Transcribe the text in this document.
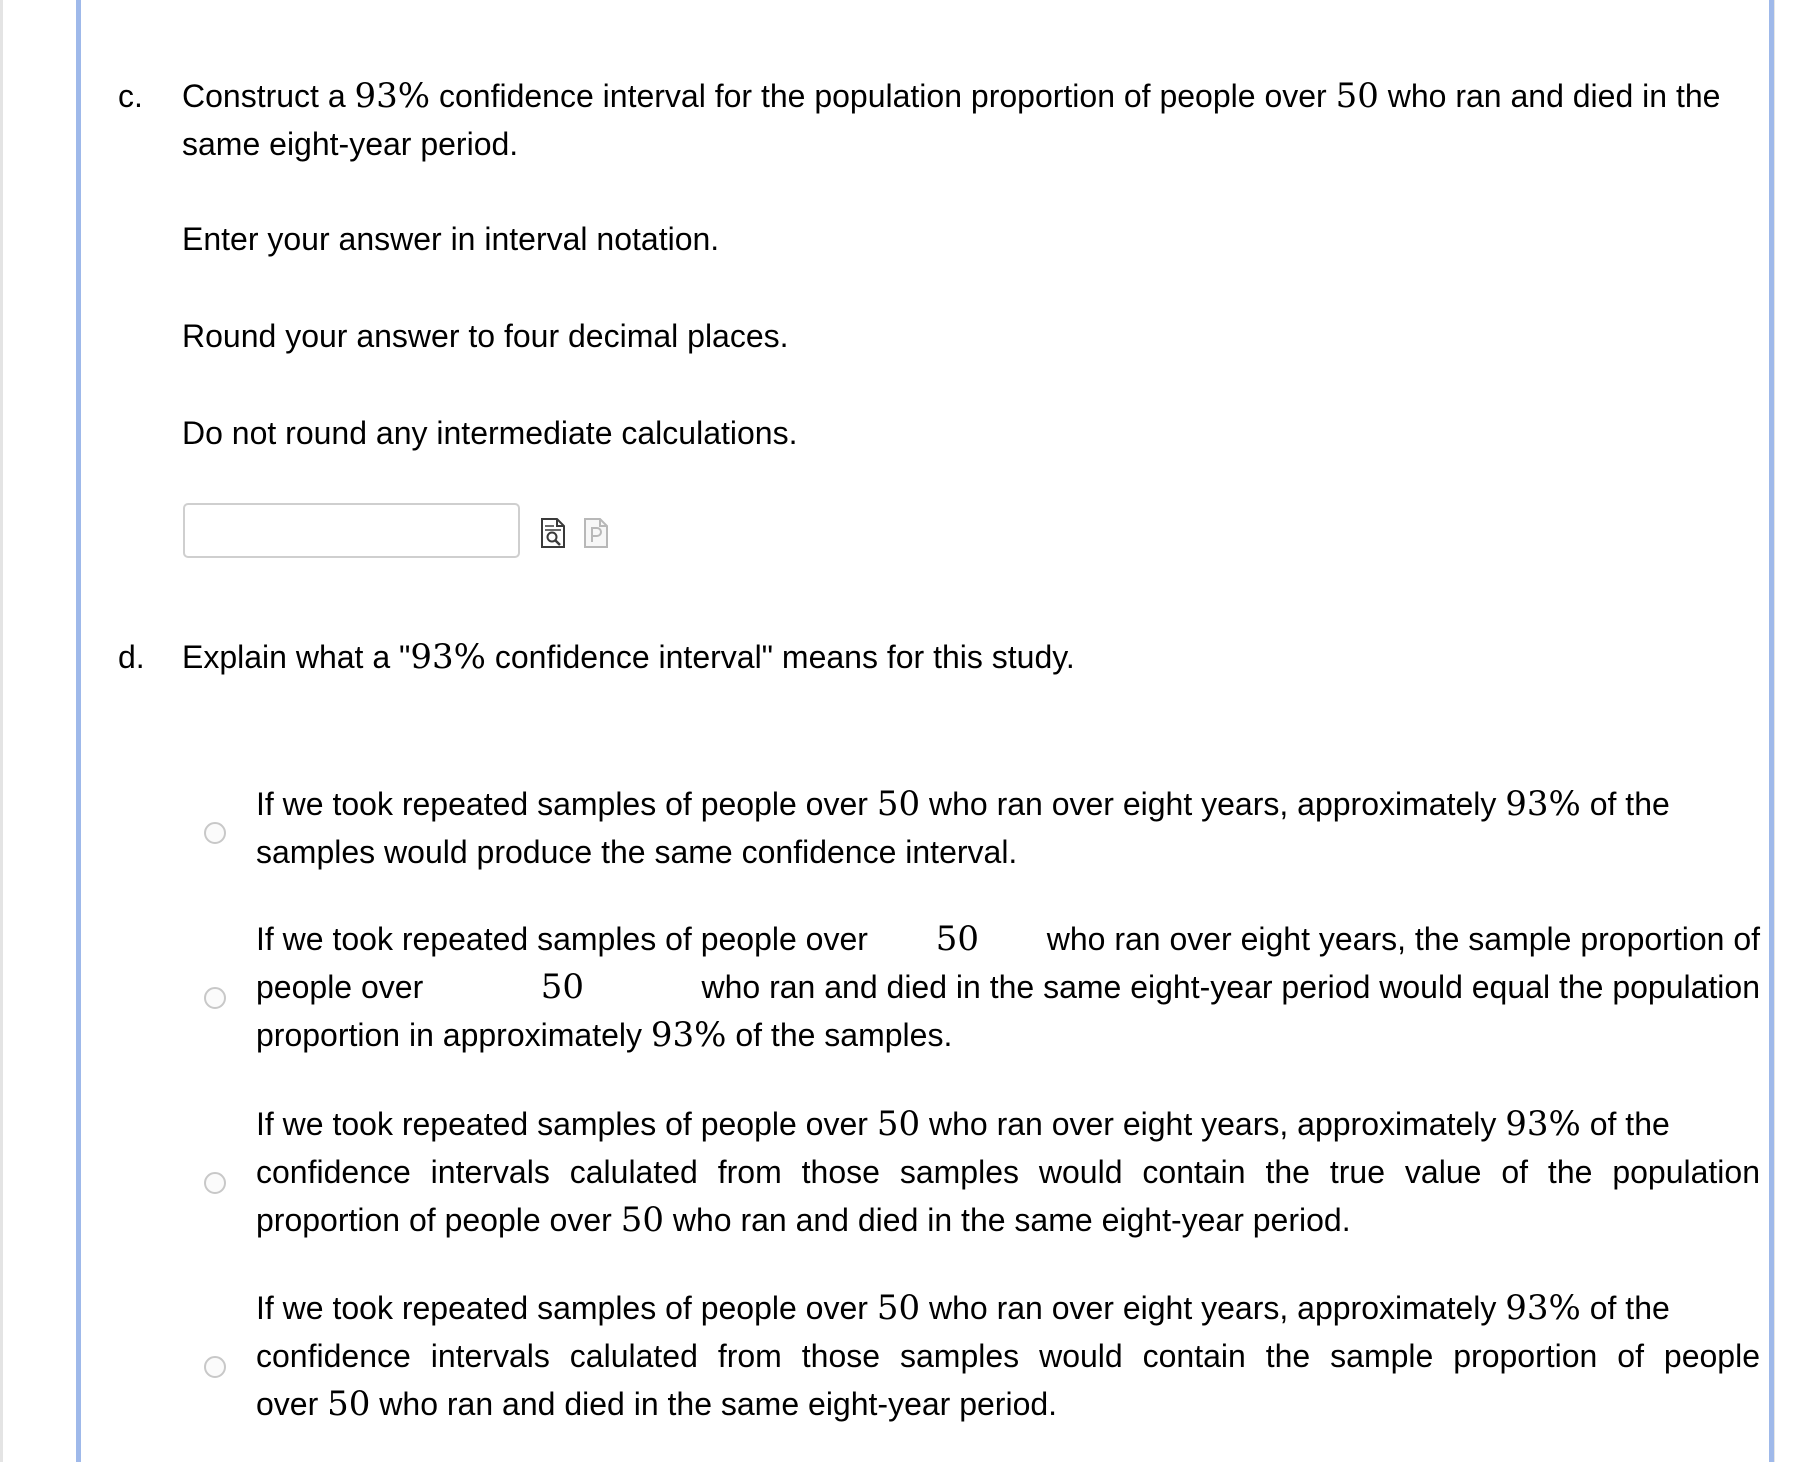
c. Construct a 93% confidence interval for the population proportion of people over 50 who ran and died in the same eight-year period.
Enter your answer in interval notation.
Round your answer to four decimal places.
Do not round any intermediate calculations.
d. Explain what a "93% confidence interval" means for this study.
If we took repeated samples of people over 50 who ran over eight years, approximately 93% of the
samples would produce the same confidence interval.
If we took repeated samples of people over 50 who ran over eight years, the sample proportion of
people over	50	who ran and died in the same eight-year period would equal the population
proportion in approximately 93% of the samples.
If we took repeated samples of people over 50 who ran over eight years, approximately 93% of the
confidence intervals calulated from those samples would contain the true value of the population
proportion of people over 50 who ran and died in the same eight-year period.
If we took repeated samples of people over 50 who ran over eight years, approximately 93% of the
confidence intervals calulated from those samples would contain the sample proportion of people
over 50 who ran and died in the same eight-year period.
